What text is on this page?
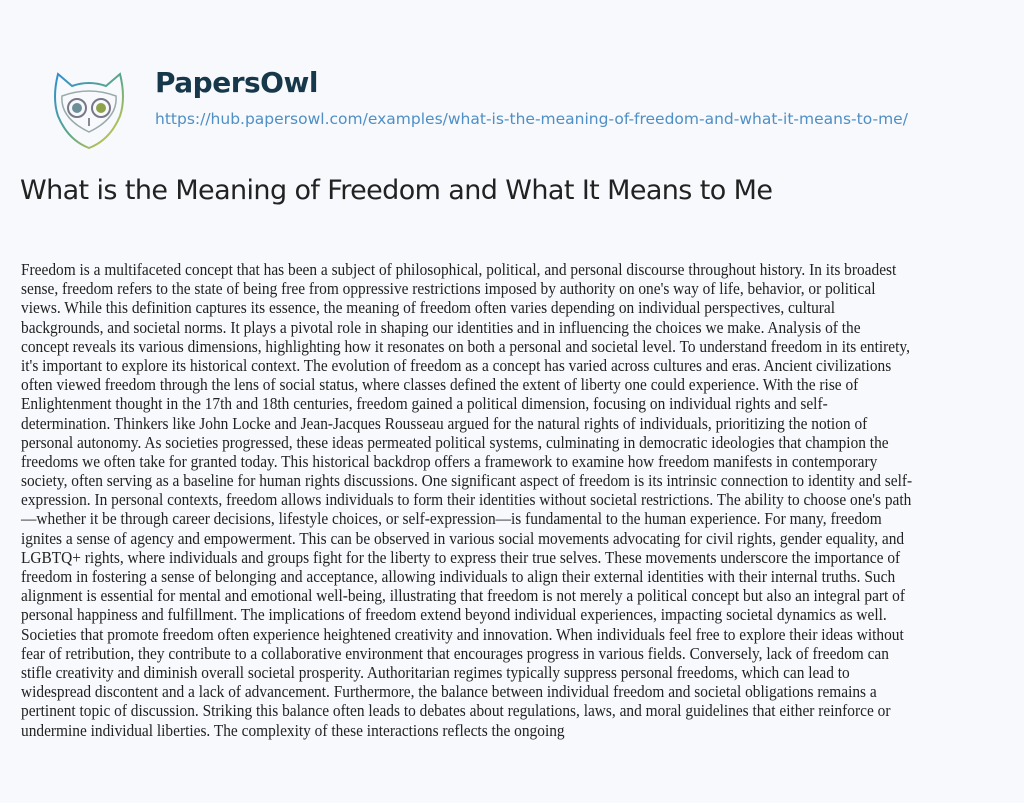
PapersOwl
https://hub.papersowl.com/examples/what-is-the-meaning-of-freedom-and-what-it-means-to-me/
What is the Meaning of Freedom and What It Means to Me
Freedom is a multifaceted concept that has been a subject of philosophical, political, and personal discourse throughout history. In its broadest
sense, freedom refers to the state of being free from oppressive restrictions imposed by authority on one's way of life, behavior, or political
views. While this definition captures its essence, the meaning of freedom often varies depending on individual perspectives, cultural
backgrounds, and societal norms. It plays a pivotal role in shaping our identities and in influencing the choices we make. Analysis of the
concept reveals its various dimensions, highlighting how it resonates on both a personal and societal level. To understand freedom in its entirety,
it's important to explore its historical context. The evolution of freedom as a concept has varied across cultures and eras. Ancient civilizations
often viewed freedom through the lens of social status, where classes defined the extent of liberty one could experience. With the rise of
Enlightenment thought in the 17th and 18th centuries, freedom gained a political dimension, focusing on individual rights and self-
determination. Thinkers like John Locke and Jean-Jacques Rousseau argued for the natural rights of individuals, prioritizing the notion of
personal autonomy. As societies progressed, these ideas permeated political systems, culminating in democratic ideologies that champion the
freedoms we often take for granted today. This historical backdrop offers a framework to examine how freedom manifests in contemporary
society, often serving as a baseline for human rights discussions. One significant aspect of freedom is its intrinsic connection to identity and self-
expression. In personal contexts, freedom allows individuals to form their identities without societal restrictions. The ability to choose one's path
—whether it be through career decisions, lifestyle choices, or self-expression—is fundamental to the human experience. For many, freedom
ignites a sense of agency and empowerment. This can be observed in various social movements advocating for civil rights, gender equality, and
LGBTQ+ rights, where individuals and groups fight for the liberty to express their true selves. These movements underscore the importance of
freedom in fostering a sense of belonging and acceptance, allowing individuals to align their external identities with their internal truths. Such
alignment is essential for mental and emotional well-being, illustrating that freedom is not merely a political concept but also an integral part of
personal happiness and fulfillment. The implications of freedom extend beyond individual experiences, impacting societal dynamics as well.
Societies that promote freedom often experience heightened creativity and innovation. When individuals feel free to explore their ideas without
fear of retribution, they contribute to a collaborative environment that encourages progress in various fields. Conversely, lack of freedom can
stifle creativity and diminish overall societal prosperity. Authoritarian regimes typically suppress personal freedoms, which can lead to
widespread discontent and a lack of advancement. Furthermore, the balance between individual freedom and societal obligations remains a
pertinent topic of discussion. Striking this balance often leads to debates about regulations, laws, and moral guidelines that either reinforce or
undermine individual liberties. The complexity of these interactions reflects the ongoing
